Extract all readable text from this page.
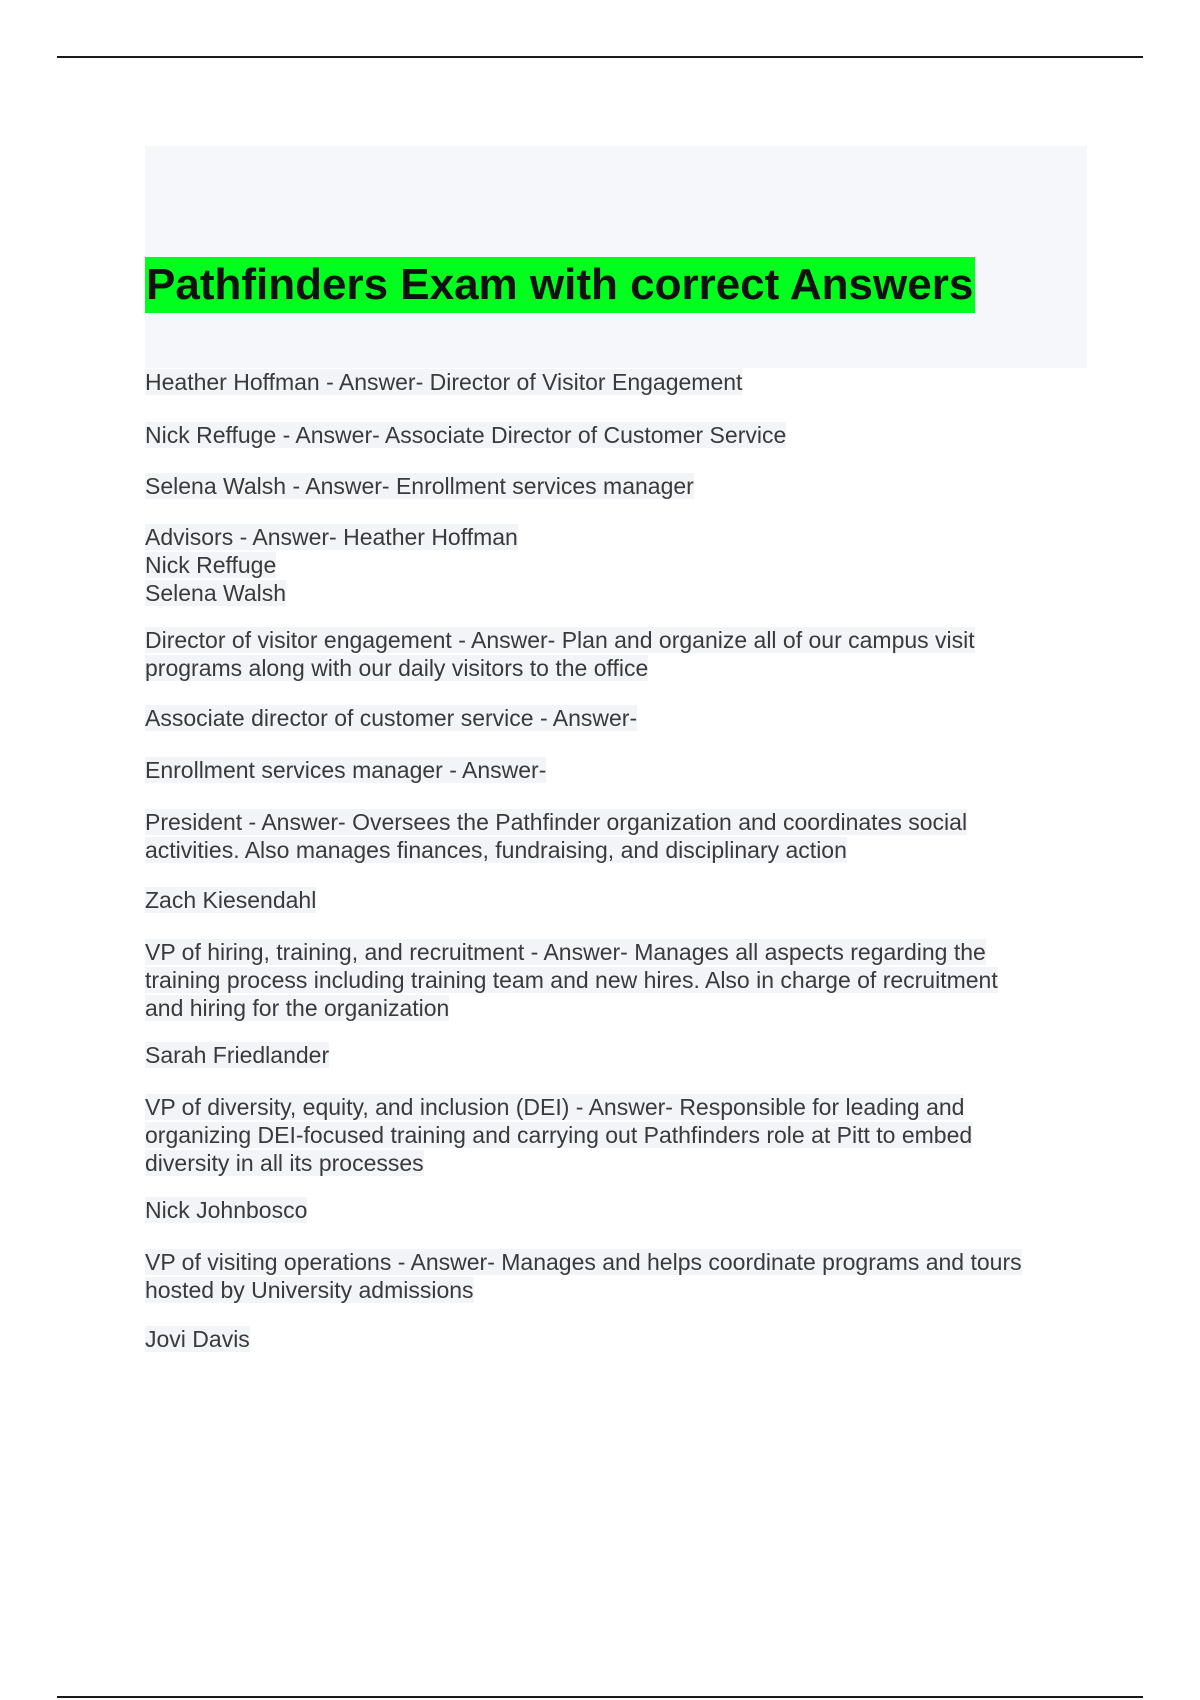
Pathfinders Exam with correct Answers
Heather Hoffman - Answer- Director of Visitor Engagement
Nick Reffuge - Answer- Associate Director of Customer Service
Selena Walsh - Answer- Enrollment services manager
Advisors - Answer- Heather Hoffman
Nick Reffuge
Selena Walsh
Director of visitor engagement - Answer- Plan and organize all of our campus visit
programs along with our daily visitors to the office
Associate director of customer service - Answer-
Enrollment services manager - Answer-
President - Answer- Oversees the Pathfinder organization and coordinates social
activities. Also manages finances, fundraising, and disciplinary action
Zach Kiesendahl
VP of hiring, training, and recruitment - Answer- Manages all aspects regarding the
training process including training team and new hires. Also in charge of recruitment
and hiring for the organization
Sarah Friedlander
VP of diversity, equity, and inclusion (DEI) - Answer- Responsible for leading and
organizing DEI-focused training and carrying out Pathfinders role at Pitt to embed
diversity in all its processes
Nick Johnbosco
VP of visiting operations - Answer- Manages and helps coordinate programs and tours
hosted by University admissions
Jovi Davis
